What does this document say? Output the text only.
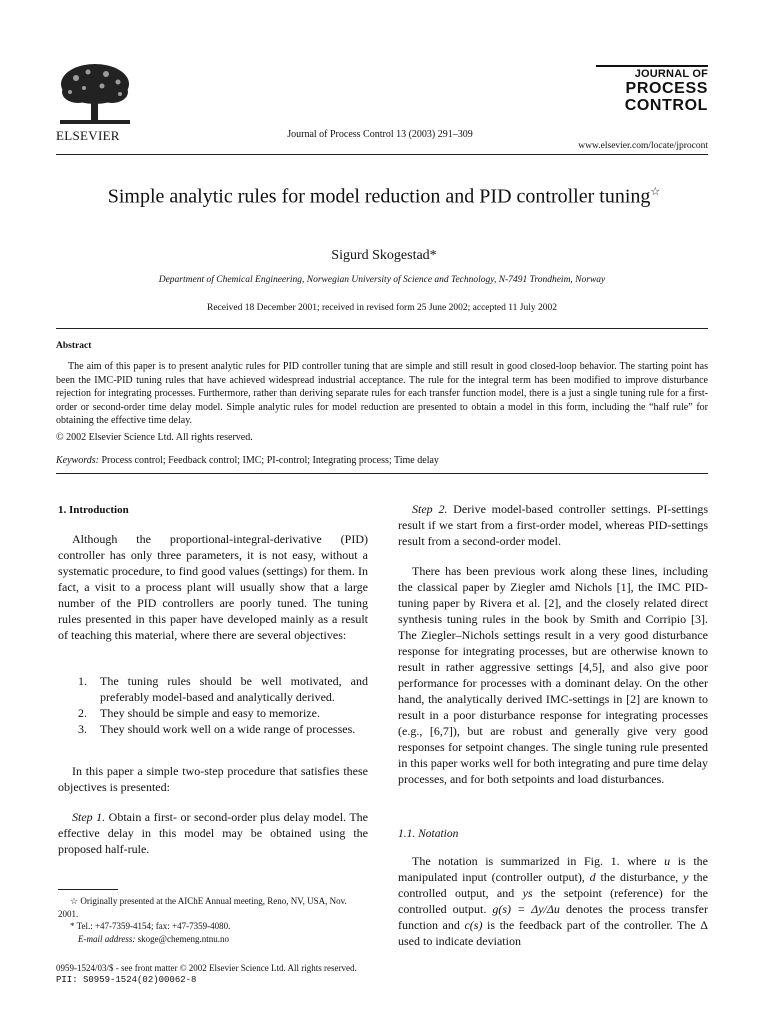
ELSEVIER	Journal of Process Control 13 (2003) 291–309
JOURNAL OF
PROCESS
CONTROL
www.elsevier.com/locate/jprocont
Simple analytic rules for model reduction and PID controller tuning☆
Sigurd Skogestad*
Department of Chemical Engineering, Norwegian University of Science and Technology, N-7491 Trondheim, Norway
Received 18 December 2001; received in revised form 25 June 2002; accepted 11 July 2002
Abstract
The aim of this paper is to present analytic rules for PID controller tuning that are simple and still result in good closed-loop behavior. The starting point has been the IMC-PID tuning rules that have achieved widespread industrial acceptance. The rule for the integral term has been modified to improve disturbance rejection for integrating processes. Furthermore, rather than deriving separate rules for each transfer function model, there is a just a single tuning rule for a first-order or second-order time delay model. Simple analytic rules for model reduction are presented to obtain a model in this form, including the “half rule” for obtaining the effective time delay.
© 2002 Elsevier Science Ltd. All rights reserved.
Keywords: Process control; Feedback control; IMC; PI-control; Integrating process; Time delay
1. Introduction

Although the proportional-integral-derivative (PID) controller has only three parameters, it is not easy, without a systematic procedure, to find good values (settings) for them. In fact, a visit to a process plant will usually show that a large number of the PID controllers are poorly tuned. The tuning rules presented in this paper have developed mainly as a result of teaching this material, where there are several objectives:

1.	The tuning rules should be well motivated, and preferably model-based and analytically derived.
2.	They should be simple and easy to memorize.
3.	They should work well on a wide range of processes.

In this paper a simple two-step procedure that satisfies these objectives is presented:

Step 1. Obtain a first- or second-order plus delay model. The effective delay in this model may be obtained using the proposed half-rule.

☆ Originally presented at the AIChE Annual meeting, Reno, NV, USA, Nov. 2001.
* Tel.: +47-7359-4154; fax: +47-7359-4080.
E-mail address: skoge@chemeng.ntnu.no

Step 2. Derive model-based controller settings. PI-settings result if we start from a first-order model, whereas PID-settings result from a second-order model.

There has been previous work along these lines, including the classical paper by Ziegler amd Nichols [1], the IMC PID-tuning paper by Rivera et al. [2], and the closely related direct synthesis tuning rules in the book by Smith and Corripio [3]. The Ziegler–Nichols settings result in a very good disturbance response for integrating processes, but are otherwise known to result in rather aggressive settings [4,5], and also give poor performance for processes with a dominant delay. On the other hand, the analytically derived IMC-settings in [2] are known to result in a poor disturbance response for integrating processes (e.g., [6,7]), but are robust and generally give very good responses for setpoint changes. The single tuning rule presented in this paper works well for both integrating and pure time delay processes, and for both setpoints and load disturbances.

1.1. Notation

The notation is summarized in Fig. 1. where u is the manipulated input (controller output), d the disturbance, y the controlled output, and ys the setpoint (reference) for the controlled output. g(s) = Δy/Δu denotes the process transfer function and c(s) is the feedback part of the controller. The Δ used to indicate deviation

0959-1524/03/$ - see front matter © 2002 Elsevier Science Ltd. All rights reserved.
PII: S0959-1524(02)00062-8
